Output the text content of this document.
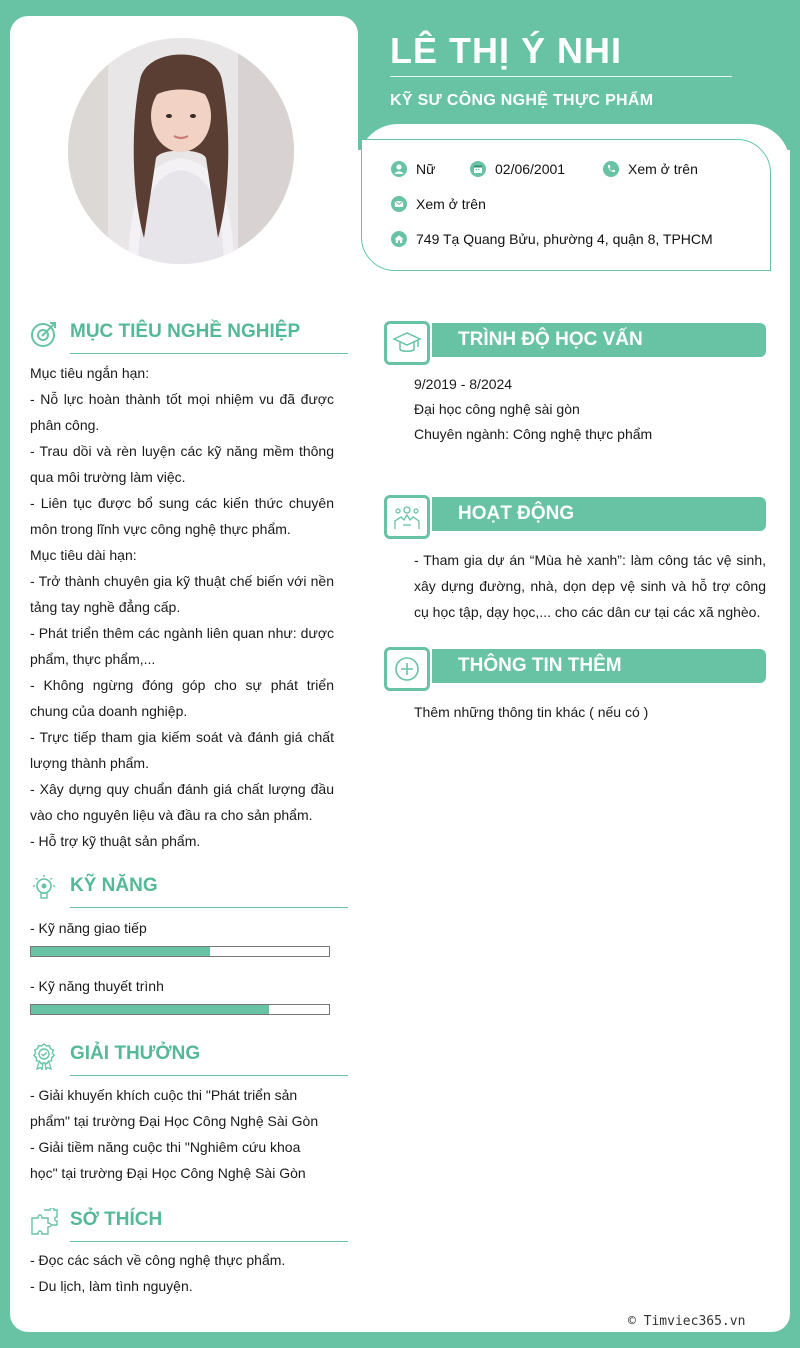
LÊ THỊ Ý NHI
KỸ SƯ CÔNG NGHỆ THỰC PHẨM
Nữ	02/06/2001	Xem ở trên
Xem ở trên
749 Tạ Quang Bửu, phường 4, quận 8, TPHCM
MỤC TIÊU NGHỀ NGHIỆP

Mục tiêu ngắn hạn:

- Nỗ lực hoàn thành tốt mọi nhiệm vu đã được phân công.

- Trau dồi và rèn luyện các kỹ năng mềm thông qua môi trường làm việc.

- Liên tục được bổ sung các kiến thức chuyên môn trong lĩnh vực công nghệ thực phẩm.

Mục tiêu dài hạn:

- Trở thành chuyên gia kỹ thuật chế biến với nền tảng tay nghề đẳng cấp.

- Phát triển thêm các ngành liên quan như: dược phẩm, thực phẩm,...

- Không ngừng đóng góp cho sự phát triển chung của doanh nghiệp.

- Trực tiếp tham gia kiếm soát và đánh giá chất lượng thành phẩm.

- Xây dựng quy chuẩn đánh giá chất lượng đầu vào cho nguyên liệu và đầu ra cho sản phẩm.

- Hỗ trợ kỹ thuật sản phẩm.

KỸ NĂNG
- Kỹ năng giao tiếp
- Kỹ năng thuyết trình
GIẢI THƯỞNG

- Giải khuyến khích cuộc thi "Phát triển sản phẩm" tại trường Đại Học Công Nghệ Sài Gòn

- Giải tiềm năng cuộc thi "Nghiêm cứu khoa học" tại trường Đại Học Công Nghệ Sài Gòn

SỞ THÍCH

- Đọc các sách về công nghệ thực phẩm.

- Du lịch, làm tình nguyện.

TRÌNH ĐỘ HỌC VẤN

9/2019 - 8/2024

Đại học công nghệ sài gòn

Chuyên ngành: Công nghệ thực phẩm

HOẠT ĐỘNG

- Tham gia dự án “Mùa hè xanh”: làm công tác vệ sinh, xây dựng đường, nhà, dọn dẹp vệ sinh và hỗ trợ công cụ học tập, dạy học,... cho các dân cư tại các xã nghèo.

THÔNG TIN THÊM
Thêm những thông tin khác ( nếu có )
© Timviec365.vn
